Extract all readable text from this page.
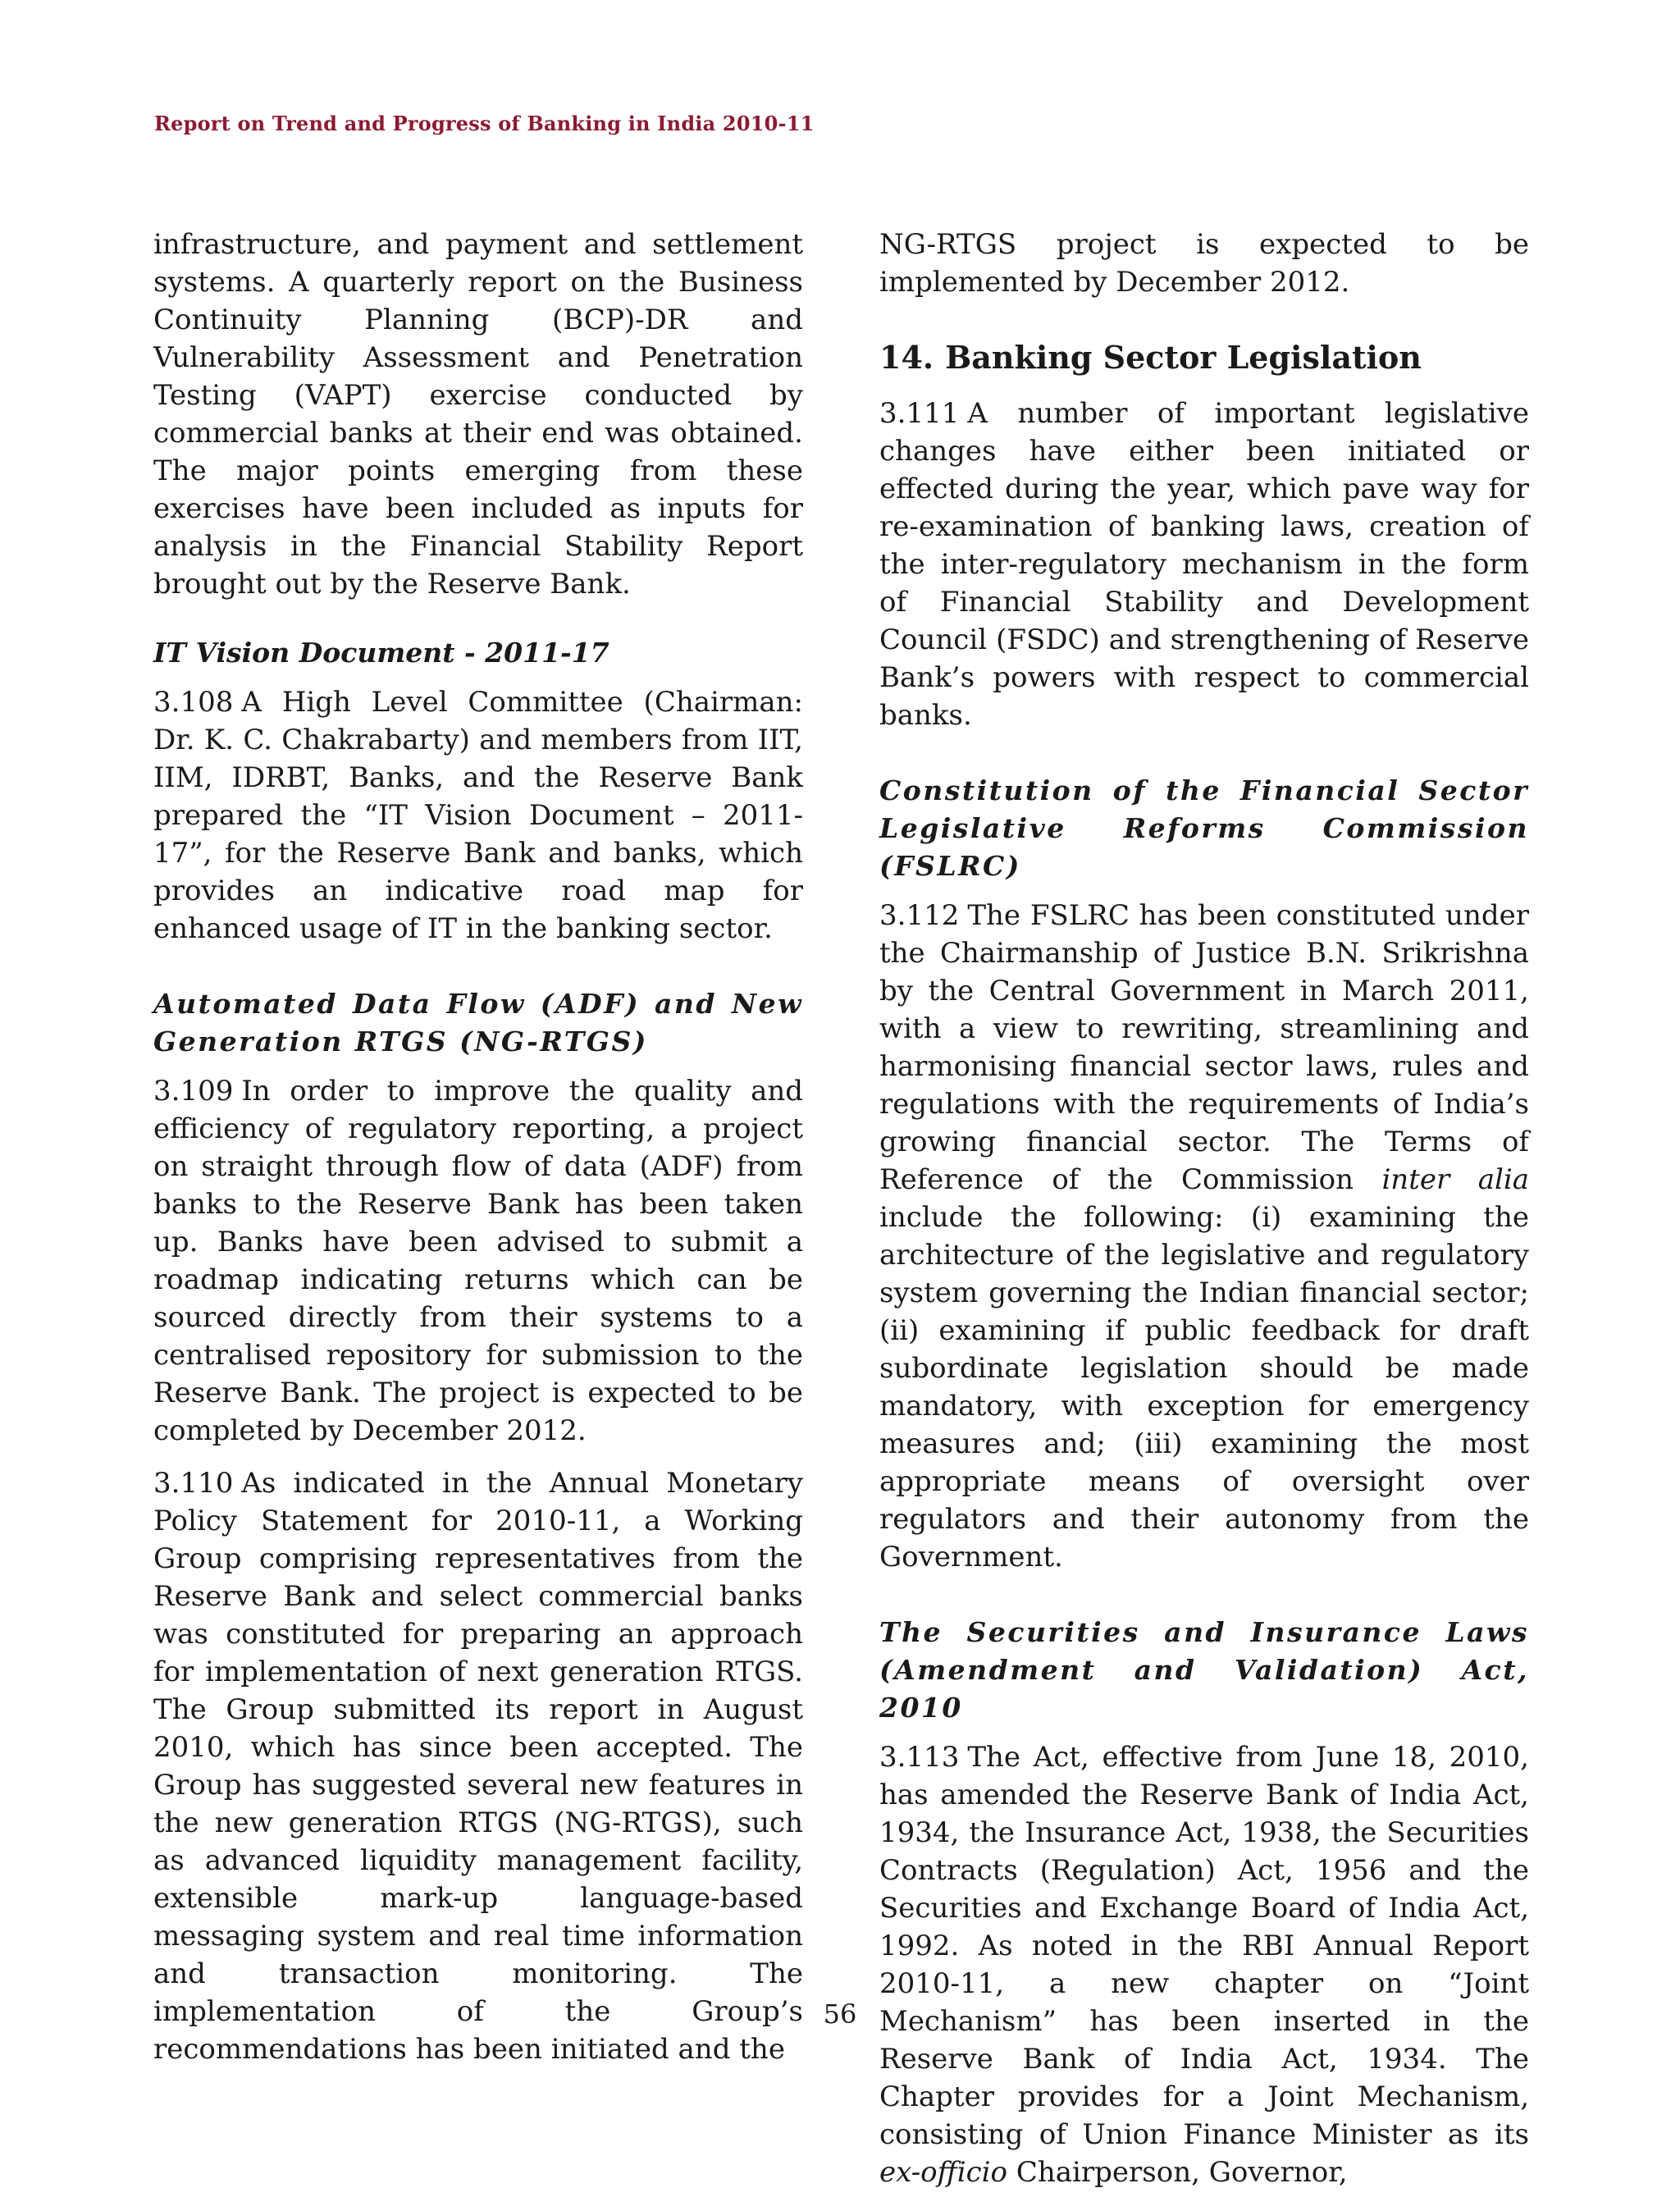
Report on Trend and Progress of Banking in India 2010-11

infrastructure, and payment and settlement systems. A quarterly report on the Business Continuity Planning (BCP)-DR and Vulnerability Assessment and Penetration Testing (VAPT) exercise conducted by commercial banks at their end was obtained. The major points emerging from these exercises have been included as inputs for analysis in the Financial Stability Report brought out by the Reserve Bank.

IT Vision Document - 2011-17

3.108 A High Level Committee (Chairman: Dr. K. C. Chakrabarty) and members from IIT, IIM, IDRBT, Banks, and the Reserve Bank prepared the “IT Vision Document – 2011-17”, for the Reserve Bank and banks, which provides an indicative road map for enhanced usage of IT in the banking sector.

Automated Data Flow (ADF) and New Generation RTGS (NG-RTGS)

3.109 In order to improve the quality and efficiency of regulatory reporting, a project on straight through flow of data (ADF) from banks to the Reserve Bank has been taken up. Banks have been advised to submit a roadmap indicating returns which can be sourced directly from their systems to a centralised repository for submission to the Reserve Bank. The project is expected to be completed by December 2012.

3.110 As indicated in the Annual Monetary Policy Statement for 2010-11, a Working Group comprising representatives from the Reserve Bank and select commercial banks was constituted for preparing an approach for implementation of next generation RTGS. The Group submitted its report in August 2010, which has since been accepted. The Group has suggested several new features in the new generation RTGS (NG-RTGS), such as advanced liquidity management facility, extensible mark-up language-based messaging system and real time information and transaction monitoring. The implementation of the Group’s recommendations has been initiated and the

NG-RTGS project is expected to be implemented by December 2012.

14. Banking Sector Legislation

3.111 A number of important legislative changes have either been initiated or effected during the year, which pave way for re-examination of banking laws, creation of the inter-regulatory mechanism in the form of Financial Stability and Development Council (FSDC) and strengthening of Reserve Bank’s powers with respect to commercial banks.

Constitution of the Financial Sector Legislative Reforms Commission (FSLRC)

3.112 The FSLRC has been constituted under the Chairmanship of Justice B.N. Srikrishna by the Central Government in March 2011, with a view to rewriting, streamlining and harmonising financial sector laws, rules and regulations with the requirements of India’s growing financial sector. The Terms of Reference of the Commission inter alia include the following: (i) examining the architecture of the legislative and regulatory system governing the Indian financial sector; (ii) examining if public feedback for draft subordinate legislation should be made mandatory, with exception for emergency measures and; (iii) examining the most appropriate means of oversight over regulators and their autonomy from the Government.

The Securities and Insurance Laws (Amendment and Validation) Act, 2010

3.113 The Act, effective from June 18, 2010, has amended the Reserve Bank of India Act, 1934, the Insurance Act, 1938, the Securities Contracts (Regulation) Act, 1956 and the Securities and Exchange Board of India Act, 1992. As noted in the RBI Annual Report 2010-11, a new chapter on “Joint Mechanism” has been inserted in the Reserve Bank of India Act, 1934. The Chapter provides for a Joint Mechanism, consisting of Union Finance Minister as its ex-officio Chairperson, Governor,

56
